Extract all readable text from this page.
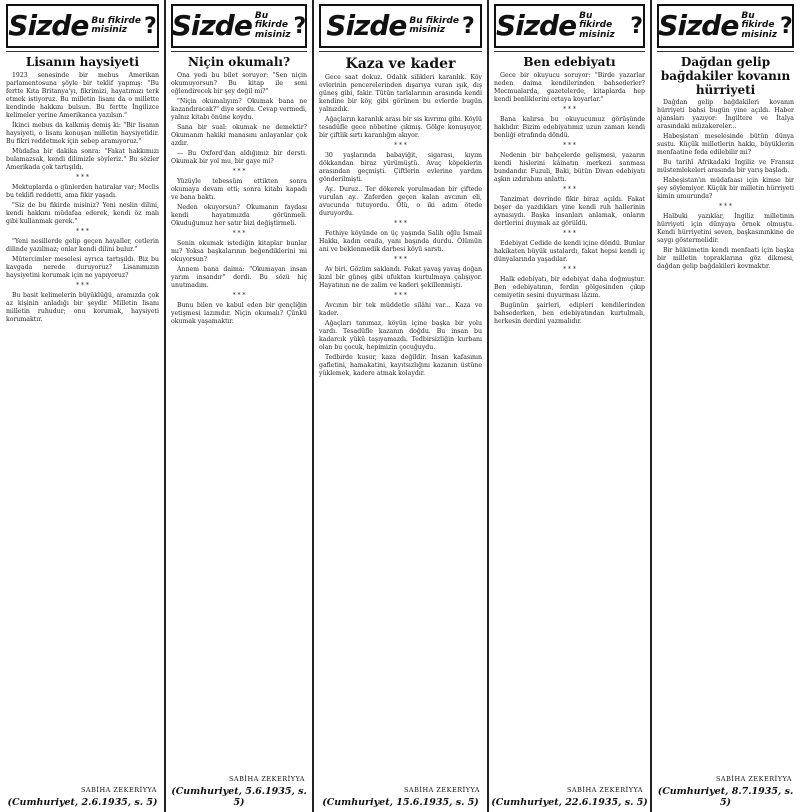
Sizde Bu fikirde
misiniz ?
Lisanın haysiyeti

1923 senesinde bir mebus Amerikan parlamentosuna şöyle bir teklif yapmış: "Bu fertte Kıta Britanya'yı, fikrimizi, hayatımızı terk etmek istiyoruz. Bu milletin lisanı da o millette kendinde hakkını bulsun. Bu fertte İngilizce kelimeler yerine Amerikanca yazılsın."

İkinci mebus da kalkmış demiş ki: "Bir lisanın haysiyeti, o lisanı konuşan milletin haysiyetidir. Bu fikri reddetmek için sebep aramıyoruz."

Müdafaa bir dakika sonra: "Fakat hakkımızı bulamazsak, kendi dilimizle söyleriz." Bu sözler Amerikada çok tartışıldı.

* * *

Mektuplarda o günlerden hatıralar var; Meclis bu teklifi reddetti, ama fikir yaşadı.

"Siz de bu fikirde misiniz? Yeni neslin dilini, kendi hakkını müdafaa ederek, kendi öz malı gibi kullanmak gerek."

* * *

"Yeni nesillerde gelip geçen hayaller, cetlerin dilinde yazılmaz; onlar kendi dilini bulur."

Mütercimler meselesi ayrıca tartışıldı. Biz bu kavgada nerede duruyoruz? Lisanımızın haysiyetini korumak için ne yapıyoruz?

* * *

Bu basit kelimelerin büyüklüğü, aramızda çok az kişinin anladığı bir şeydir. Milletin lisanı milletin ruhudur; onu korumak, haysiyeti korumaktır.

SABİHA ZEKERİYYA
(Cumhuriyet, 2.6.1935, s. 5)
Sizde Bu fikirde
misiniz ?
Niçin okumalı?

Ona yedi bu bilet soruyor: "Sen niçin okumuyorsun? Bu kitap ile seni eğlendirecek bir şey değil mi?"

"Niçin okumalıyım? Okumak bana ne kazandıracak?" diye sordu. Cevap vermedi, yalnız kitabı önüne koydu.

Sana bir sual: okumak ne demektir? Okumanın hakiki manasını anlayanlar çok azdır.

— Bu Oxford'dan aldığımız bir dersti. Okumak bir yol mu, bir gaye mi?

* * *

Yüzüyle tebessüm ettikten sonra okumaya devam etti; sonra kitabı kapadı ve bana baktı.

Neden okuyorsun? Okumanın faydası kendi hayatımızda görünmeli. Okuduğumuz her satır bizi değiştirmeli.

* * *

Senin okumak istediğin kitaplar bunlar mı? Yoksa başkalarının beğendiklerini mi okuyorsun?

Annem bana daima: "Okumayan insan yarım insandır" derdi. Bu sözü hiç unutmadım.

* * *

Bunu bilen ve kabul eden bir gençliğin yetişmesi lazımdır. Niçin okumalı? Çünkü okumak yaşamaktır.

SABİHA ZEKERİYYA
(Cumhuriyet, 5.6.1935, s. 5)
Sizde Bu fikirde
misiniz ?
Kaza ve kader

Gece saat dokuz. Odalık silikleri karanlık. Köy evlerinin pencerelerinden dışarıya vuran ışık, dış güneş gibi, fakir. Tütün tarlalarının arasında kendi kendine bir köy, gibi görünen bu evlerde bugün yalnızdık.

Ağaçların karanlık arası bir sis kıvrımı gibi. Köylü tesadüfle gece nöbetine çıkmış. Gölge konuşuyor, bir çiftlik sırtı karanlığın akıyor.

* * *

30 yaşlarında babayiğit, sigarası, kıyım dökkandan biraz yürümüştü. Avuç köpeklerin arasından geçmişti. Çiftlerin evlerine yardım gönderilmişti.

Ay.. Duruz.. Ter dökerek yorulmadan bir çiftede vurulan ay.. Zaferden geçen kalan avcının eli, avucunda tutuyordu. Ölü, o iki adım ötede duruyordu.

* * *

Fethiye köyünde on üç yaşında Salih oğlu İsmail Hakkı, kadın orada, yanı başında durdu. Ölümün ani ve beklenmedik darbesi köyü sarstı.

* * *

Av biri. Gözüm saklandı. Fakat yavaş yavaş doğan kızıl bir güneş gibi ufuktan kurtulmaya çalışıyor. Hayatının ne de zalim ve kaderi şekillenmişti.

* * *

Avcının bir tek müddetle silâhı var... Kaza ve kader.

Ağaçları tanımaz, köyün içine başka bir yolu vardı. Tesadüfle kazanın doğdu. Bu insan bu kadarcık yükü taşıyamazdı. Tedbirsizliğin kurbanı olan bu çocuk, hepimizin çocuğuydu.

Tedbirde kusur, kaza değildir. İnsan kafasının gafletini, hamakatini, kayıtsızlığını kazanın üstüne yüklemek, kadere atmak kolaydır.

SABİHA ZEKERİYYA
(Cumhuriyet, 15.6.1935, s. 5)
Sizde Bu fikirde
misiniz ?
Ben edebiyatı

Gece bir okuyucu soruyor: "Birde yazarlar neden daima kendilerinden bahsederler? Mecmualarda, gazetelerde, kitaplarda hep kendi benliklerini ortaya koyarlar."

* * *

Bana kalırsa bu okuyucumuz görüşünde haklıdır. Bizim edebiyatımız uzun zaman kendi benliği etrafında döndü.

* * *

Nedenin bir bahçelerde gelişmesi, yazarın kendi hislerini kâinatın merkezi sanması bundandır. Fuzuli, Baki, bütün Divan edebiyatı aşkın ızdırabını anlattı.

* * *

Tanzimat devrinde fikir biraz açıldı. Fakat beşer da yazdıkları yine kendi ruh hallerinin aynasıydı. Başka insanları anlamak, onların dertlerini duymak az görüldü.

* * *

Edebiyat Cedide de kendi içine döndü. Bunlar hakikaten büyük ustalardı, fakat hepsi kendi iç dünyalarında yaşadılar.

* * *

Halk edebiyatı, bir edebiyat daha doğmuştur. Ben edebiyatının, ferdin gölgesinden çıkıp cemiyetin sesini duyurması lâzım.

Bugünün şairleri, edipleri kendilerinden bahsederken, ben edebiyatından kurtulmalı, herkesin derdini yazmalıdır.

SABİHA ZEKERİYYA
(Cumhuriyet, 22.6.1935, s. 5)
Sizde Bu fikirde
misiniz ?
Dağdan gelip bağdakiler kovanın hürriyeti

Dağdan gelip bağdakileri kovanın hürriyeti bahsi bugün yine açıldı. Haber ajansları yazıyor: İngiltere ve İtalya arasındaki müzakereler...

Habeşistan meselesinde bütün dünya sustu. Küçük milletlerin hakkı, büyüklerin menfaatine feda edilebilir mi?

Bu tarihî Afrikadaki İngiliz ve Fransız müstemlekeleri arasında bir yarış başladı.

Habeşistan'ın müdafaası için kimse bir şey söylemiyor. Küçük bir milletin hürriyeti kimin umurunda?

* * *

Halbuki yazıklar, İngiliz milletinin hürriyeti için dünyaya örnek olmuştu. Kendi hürriyetini seven, başkasınınkine de saygı göstermelidir.

Bir hükümetin kendi menfaati için başka bir milletin topraklarına göz dikmesi, dağdan gelip bağdakileri kovmaktır.

SABİHA ZEKERİYYA
(Cumhuriyet, 8.7.1935, s. 5)
